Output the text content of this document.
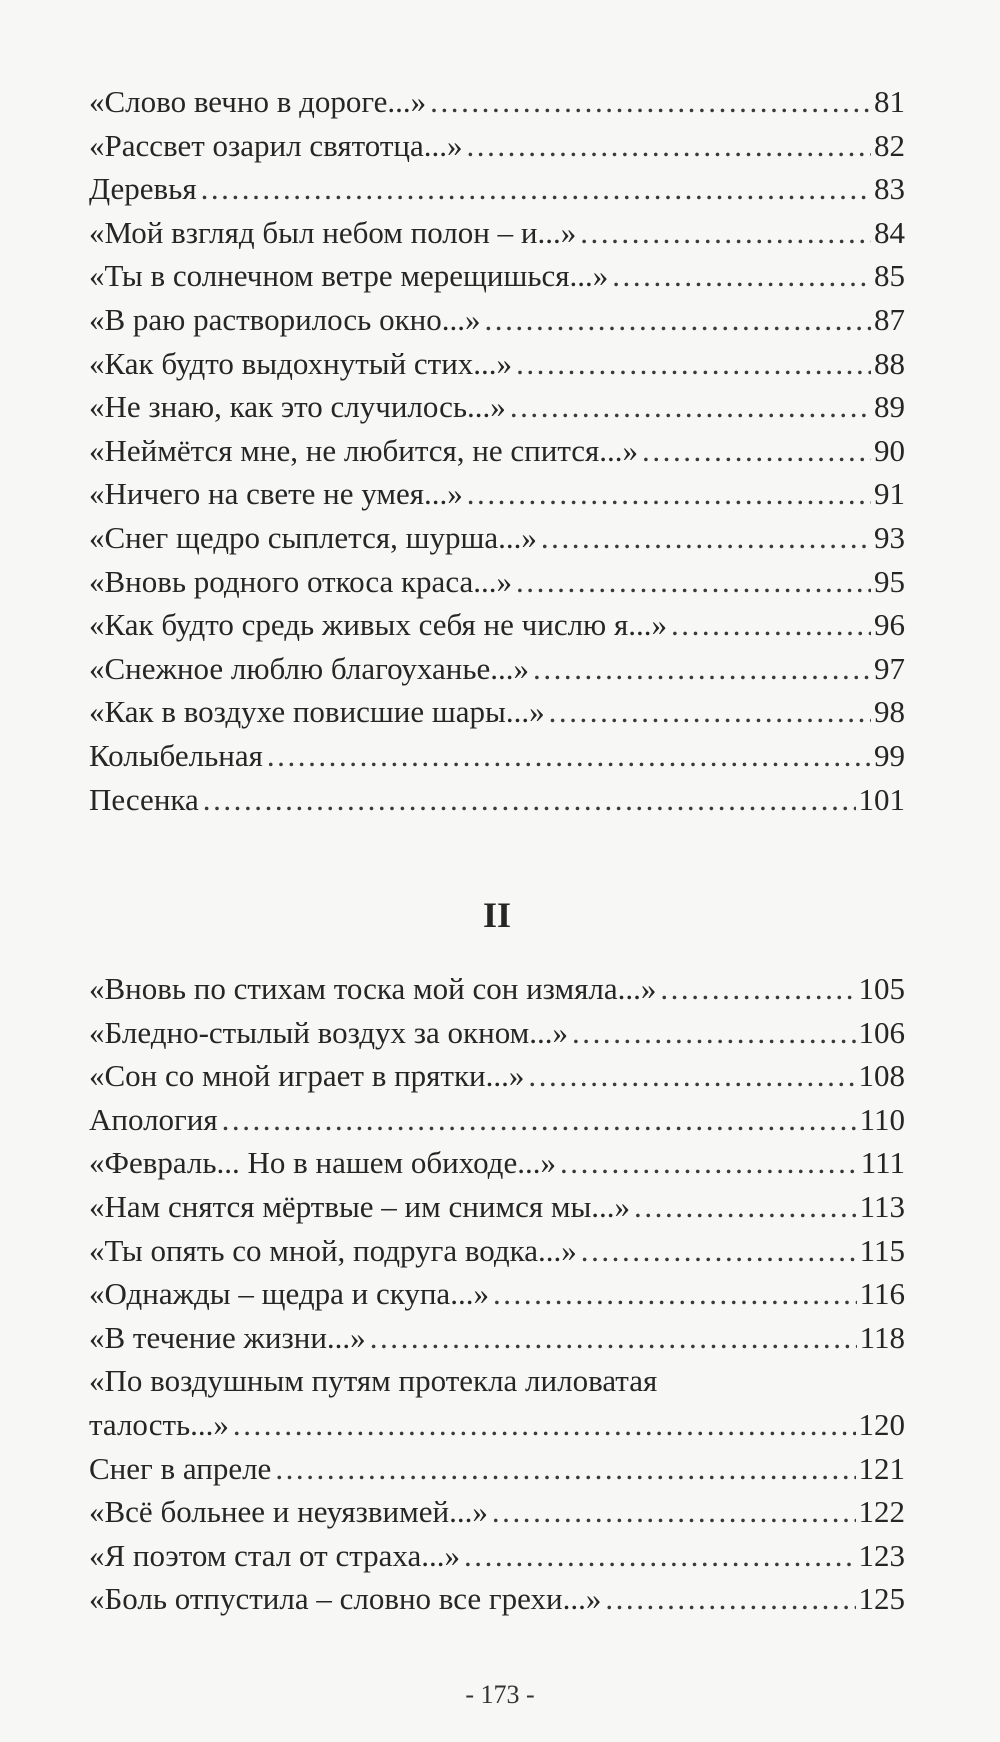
«Слово вечно в дороге...» . . .	81
«Рассвет озарил святотца...» . . .	82
Деревья . . .	83
«Мой взгляд был небом полон – и...» . . .	84
«Ты в солнечном ветре мерещишься...» . . .	85
«В раю растворилось окно...» . . .	87
«Как будто выдохнутый стих...» . . .	88
«Не знаю, как это случилось...» . . .	89
«Неймётся мне, не любится, не спится...» . . .	90
«Ничего на свете не умея...» . . .	91
«Снег щедро сыплется, шурша...» . . .	93
«Вновь родного откоса краса...» . . .	95
«Как будто средь живых себя не числю я...» . . .	96
«Снежное люблю благоуханье...» . . .	97
«Как в воздухе повисшие шары...» . . .	98
Колыбельная . . .	99
Песенка . . .	101
II
«Вновь по стихам тоска мой сон измяла...» . . .	105
«Бледно-стылый воздух за окном...» . . .	106
«Сон со мной играет в прятки...» . . .	108
Апология . . .	110
«Февраль... Но в нашем обиходе...» . . .	111
«Нам снятся мёртвые – им снимся мы...» . . .	113
«Ты опять со мной, подруга водка...» . . .	115
«Однажды – щедра и скупа...» . . .	116
«В течение жизни...» . . .	118
«По воздушным путям протекла лиловатая
талость...» . . .	120
Снег в апреле . . .	121
«Всё больнее и неуязвимей...» . . .	122
«Я поэтом стал от страха...» . . .	123
«Боль отпустила – словно все грехи...» . . .	125
- 173 -
